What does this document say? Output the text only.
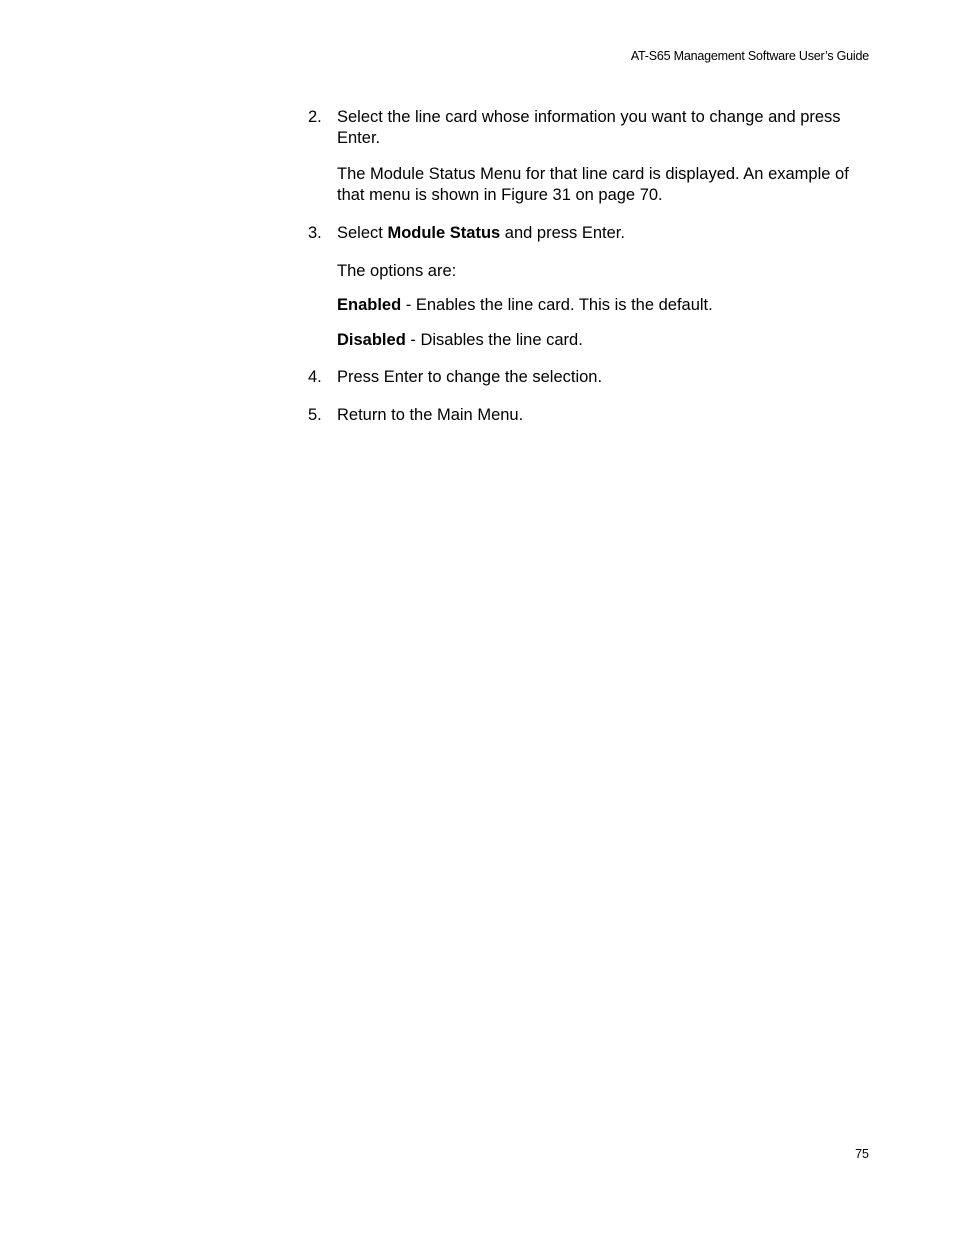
AT-S65 Management Software User’s Guide
2. Select the line card whose information you want to change and press Enter.

The Module Status Menu for that line card is displayed. An example of that menu is shown in Figure 31 on page 70.

3. Select Module Status and press Enter.

The options are:

Enabled - Enables the line card. This is the default.

Disabled - Disables the line card.

4. Press Enter to change the selection.
5. Return to the Main Menu.
75
